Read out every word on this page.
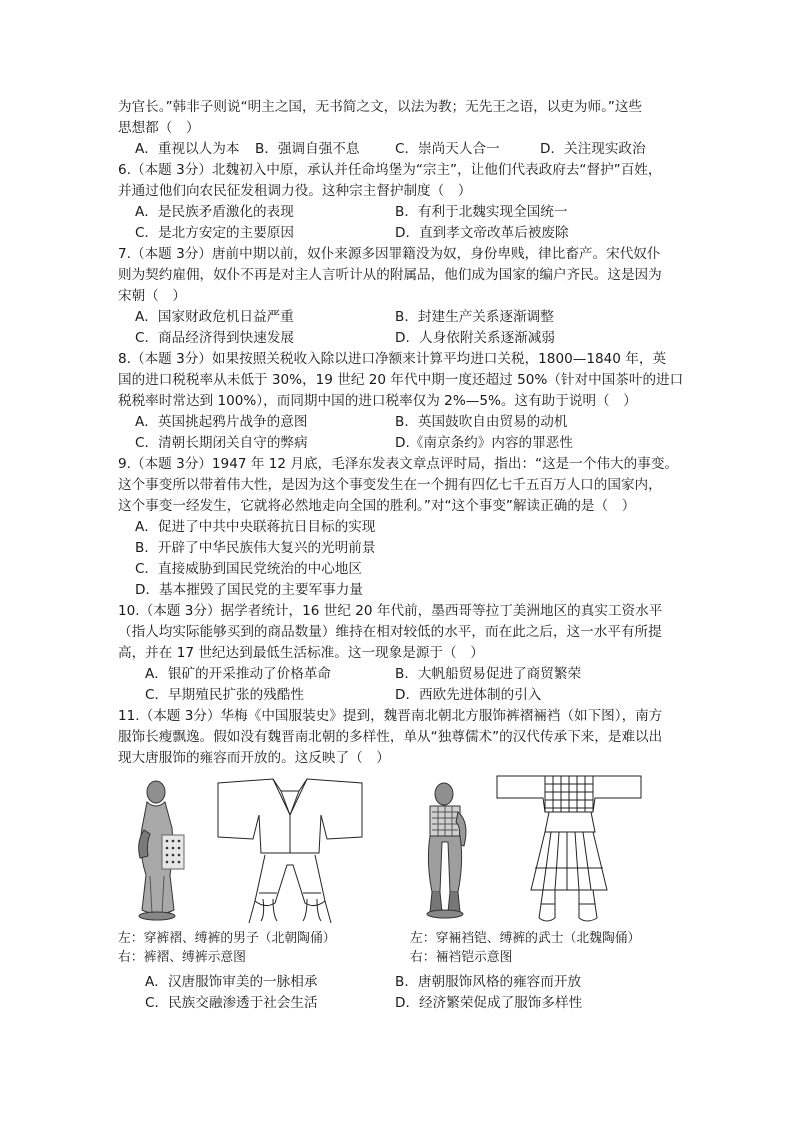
为官长。”韩非子则说“明主之国，无书简之文，以法为教；无先王之语，以吏为师。”这些
思想都（　）
A．重视以人为本 B．强调自强不息	C．崇尚天人合一	D．关注现实政治
6.（本题 3分）北魏初入中原，承认并任命坞堡为“宗主”，让他们代表政府去“督护”百姓，
并通过他们向农民征发租调力役。这种宗主督护制度（　）
A．是民族矛盾激化的表现	B．有利于北魏实现全国统一
C．是北方安定的主要原因	D．直到孝文帝改革后被废除
7.（本题 3分）唐前中期以前，奴仆来源多因罪籍没为奴，身份卑贱，律比畜产。宋代奴仆
则为契约雇佣，奴仆不再是对主人言听计从的附属品，他们成为国家的编户齐民。这是因为
宋朝（　）
A．国家财政危机日益严重	B．封建生产关系逐渐调整
C．商品经济得到快速发展	D．人身依附关系逐渐减弱
8.（本题 3分）如果按照关税收入除以进口净额来计算平均进口关税，1800—1840 年，英
国的进口税税率从未低于 30%，19 世纪 20 年代中期一度还超过 50%（针对中国茶叶的进口
税税率时常达到 100%），而同期中国的进口税率仅为 2%—5%。这有助于说明（　）
A．英国挑起鸦片战争的意图	B．英国鼓吹自由贸易的动机
C．清朝长期闭关自守的弊病	D.《南京条约》内容的罪恶性
9.（本题 3分）1947 年 12 月底，毛泽东发表文章点评时局，指出：“这是一个伟大的事变。
这个事变所以带着伟大性，是因为这个事变发生在一个拥有四亿七千五百万人口的国家内，
这个事变一经发生，它就将必然地走向全国的胜利。”对“这个事变”解读正确的是（　）
A．促进了中共中央联蒋抗日目标的实现
B．开辟了中华民族伟大复兴的光明前景
C．直接威胁到国民党统治的中心地区
D．基本摧毁了国民党的主要军事力量
10.（本题 3分）据学者统计，16 世纪 20 年代前，墨西哥等拉丁美洲地区的真实工资水平
（指人均实际能够买到的商品数量）维持在相对较低的水平，而在此之后，这一水平有所提
高，并在 17 世纪达到最低生活标准。这一现象是源于（　）
A．银矿的开采推动了价格革命	B．大帆船贸易促进了商贸繁荣
C．早期殖民扩张的残酷性	D．西欧先进体制的引入
11.（本题 3分）华梅《中国服装史》提到，魏晋南北朝北方服饰裤褶裲裆（如下图），南方
服饰长瘦飘逸。假如没有魏晋南北朝的多样性，单从“独尊儒术”的汉代传承下来，是难以出
现大唐服饰的雍容而开放的。这反映了（　）
左：穿裤褶、缚裤的男子（北朝陶俑）
右：裤褶、缚裤示意图
左：穿裲裆铠、缚裤的武士（北魏陶俑）
右：裲裆铠示意图
A．汉唐服饰审美的一脉相承	B．唐朝服饰风格的雍容而开放
C．民族交融渗透于社会生活	D．经济繁荣促成了服饰多样性
